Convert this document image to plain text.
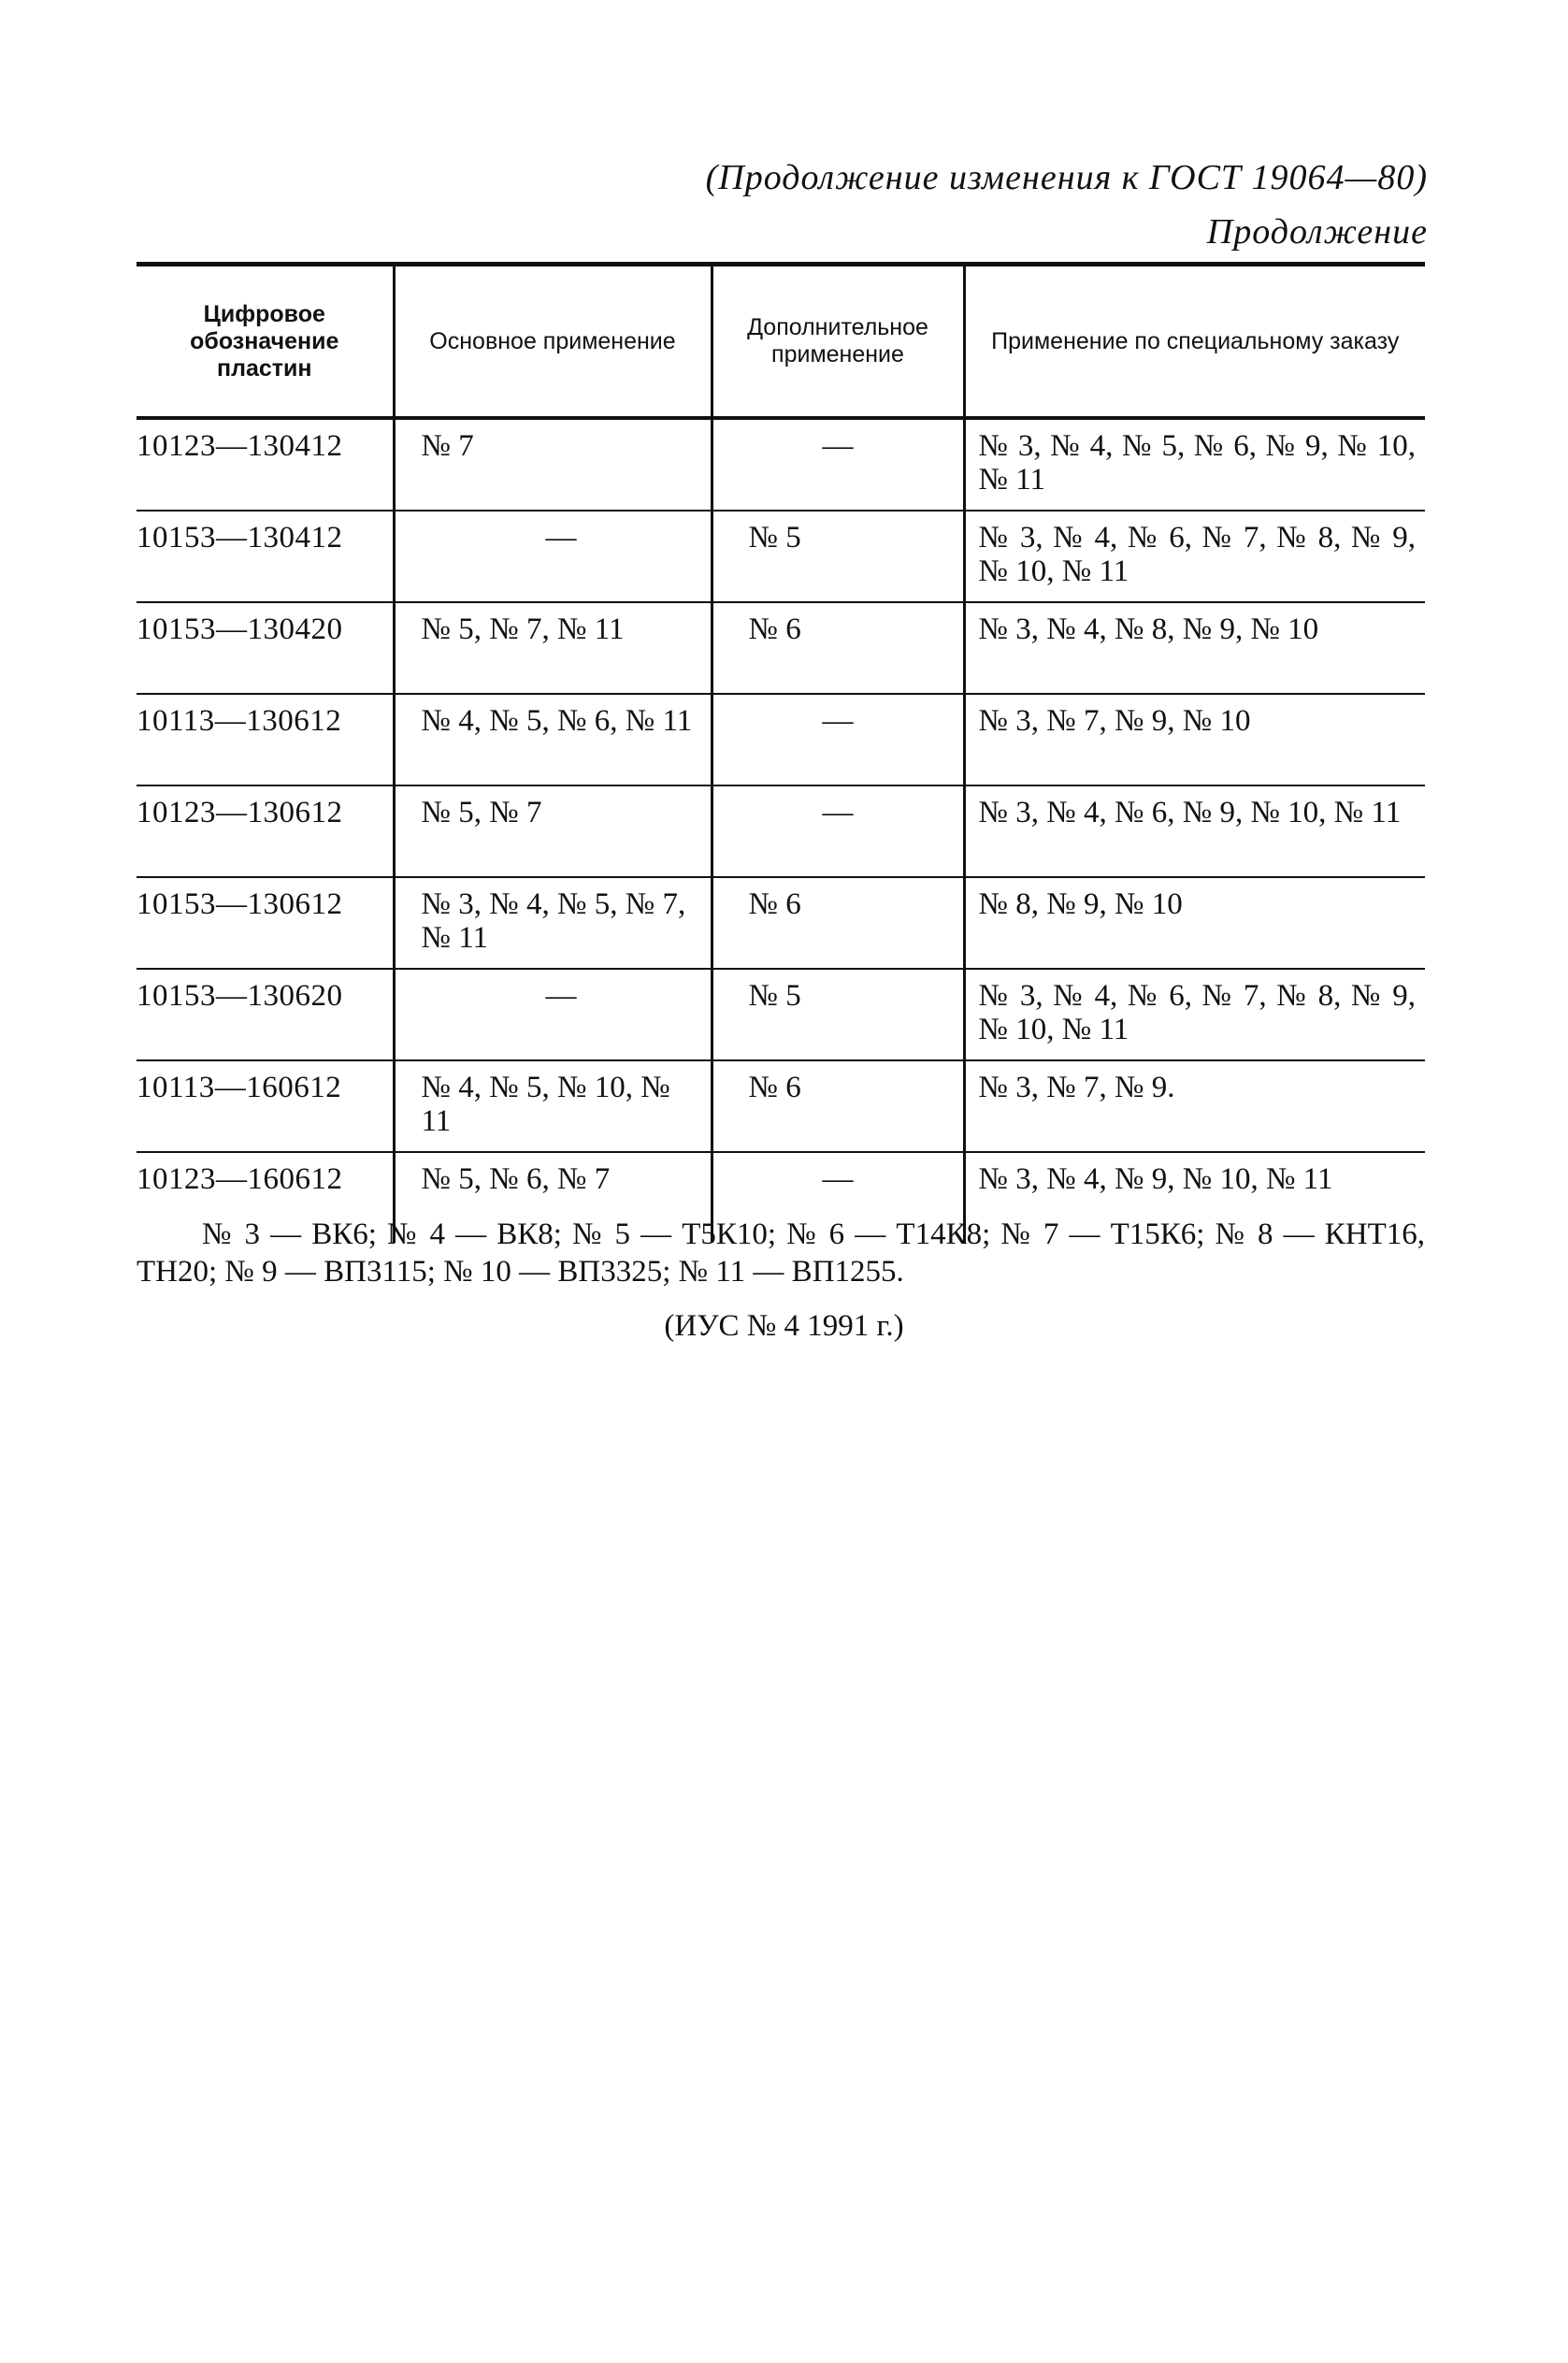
(Продолжение изменения к ГОСТ 19064—80)
Продолжение
Цифровое обозначение пластин	Основное применение	Дополнительное применение	Применение по специальному заказу
10123—130412	№ 7	—	№ 3, № 4, № 5, № 6, № 9, № 10, № 11
10153—130412	—	№ 5	№ 3, № 4, № 6, № 7, № 8, № 9, № 10, № 11
10153—130420	№ 5, № 7, № 11	№ 6	№ 3, № 4, № 8, № 9, № 10
10113—130612	№ 4, № 5, № 6, № 11	—	№ 3, № 7, № 9, № 10
10123—130612	№ 5, № 7	—	№ 3, № 4, № 6, № 9, № 10, № 11
10153—130612	№ 3, № 4, № 5, № 7, № 11	№ 6	№ 8, № 9, № 10
10153—130620	—	№ 5	№ 3, № 4, № 6, № 7, № 8, № 9, № 10, № 11
10113—160612	№ 4, № 5, № 10, № 11	№ 6	№ 3, № 7, № 9.
10123—160612	№ 5, № 6, № 7	—	№ 3, № 4, № 9, № 10, № 11
№ 3 — ВК6; № 4 — ВК8; № 5 — Т5К10; № 6 — Т14К8; № 7 — Т15К6; № 8 — КНТ16, ТН20; № 9 — ВП3115; № 10 — ВП3325; № 11 — ВП1255.
(ИУС № 4 1991 г.)
